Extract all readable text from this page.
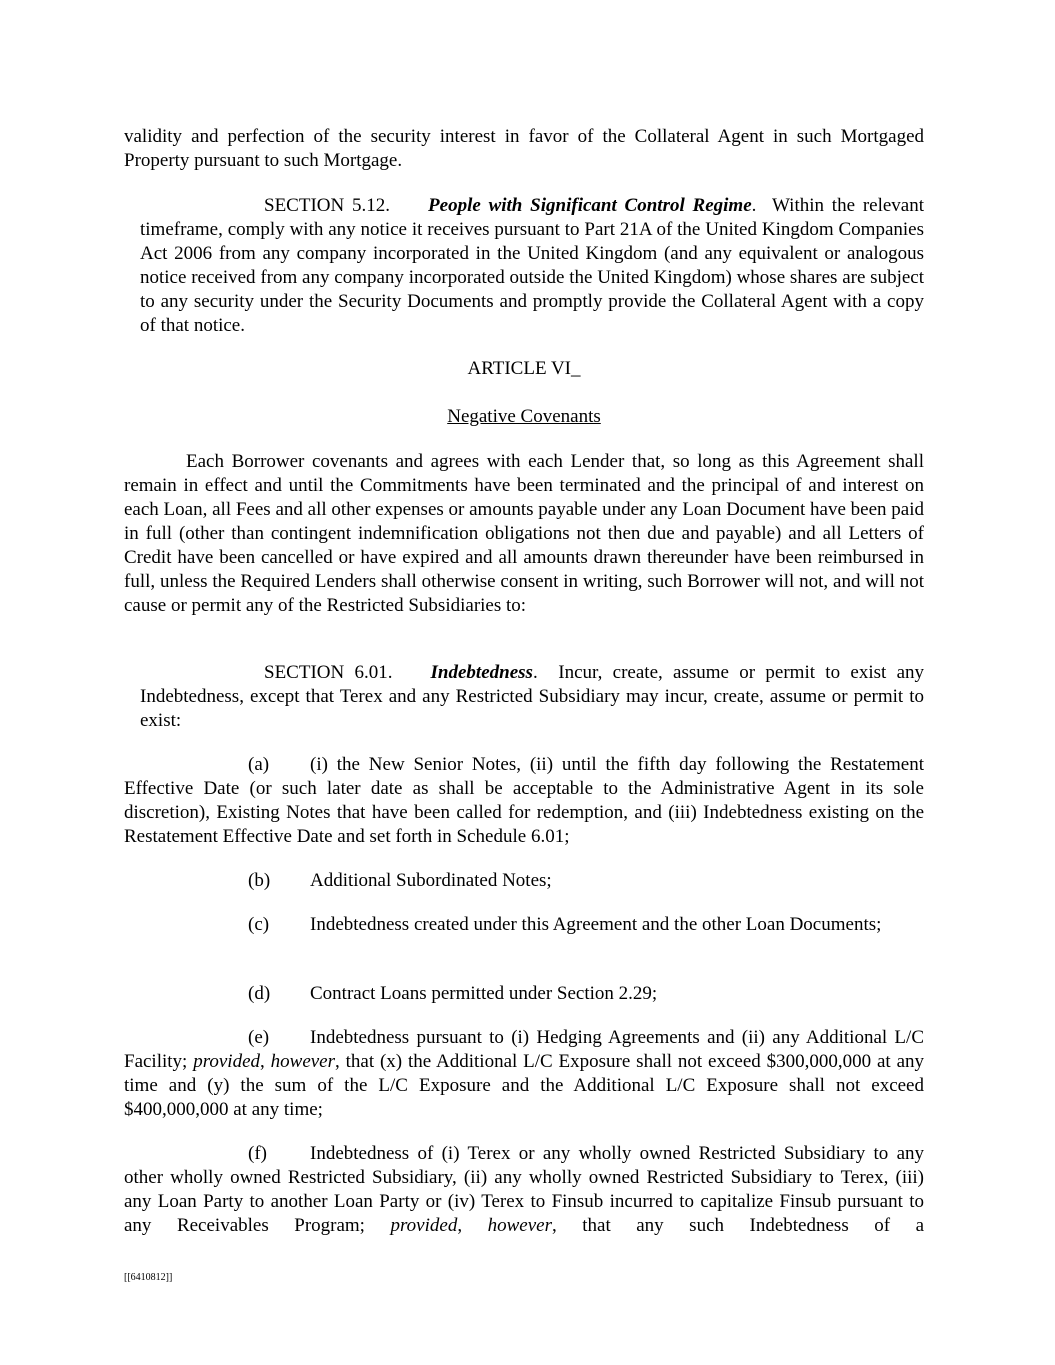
validity and perfection of the security interest in favor of the Collateral Agent in such Mortgaged Property pursuant to such Mortgage.

SECTION 5.12. People with Significant Control Regime.  Within the relevant timeframe, comply with any notice it receives pursuant to Part 21A of the United Kingdom Companies Act 2006 from any company incorporated in the United Kingdom (and any equivalent or analogous notice received from any company incorporated outside the United Kingdom) whose shares are subject to any security under the Security Documents and promptly provide the Collateral Agent with a copy of that notice.

ARTICLE VI_
Negative Covenants

Each Borrower covenants and agrees with each Lender that, so long as this Agreement shall remain in effect and until the Commitments have been terminated and the principal of and interest on each Loan, all Fees and all other expenses or amounts payable under any Loan Document have been paid in full (other than contingent indemnification obligations not then due and payable) and all Letters of Credit have been cancelled or have expired and all amounts drawn thereunder have been reimbursed in full, unless the Required Lenders shall otherwise consent in writing, such Borrower will not, and will not cause or permit any of the Restricted Subsidiaries to:

SECTION 6.01. Indebtedness.  Incur, create, assume or permit to exist any Indebtedness, except that Terex and any Restricted Subsidiary may incur, create, assume or permit to exist:

(a) (i) the New Senior Notes, (ii) until the fifth day following the Restatement Effective Date (or such later date as shall be acceptable to the Administrative Agent in its sole discretion), Existing Notes that have been called for redemption, and (iii) Indebtedness existing on the Restatement Effective Date and set forth in Schedule 6.01;

(b) Additional Subordinated Notes;

(c) Indebtedness created under this Agreement and the other Loan Documents;

(d) Contract Loans permitted under Section 2.29;

(e) Indebtedness pursuant to (i) Hedging Agreements and (ii) any Additional L/C Facility; provided, however, that (x) the Additional L/C Exposure shall not exceed $300,000,000 at any time and (y) the sum of the L/C Exposure and the Additional L/C Exposure shall not exceed $400,000,000 at any time;

(f) Indebtedness of (i) Terex or any wholly owned Restricted Subsidiary to any other wholly owned Restricted Subsidiary, (ii) any wholly owned Restricted Subsidiary to Terex, (iii) any Loan Party to another Loan Party or (iv) Terex to Finsub incurred to capitalize Finsub pursuant to any Receivables Program; provided, however, that any such Indebtedness of a

[[6410812]]
